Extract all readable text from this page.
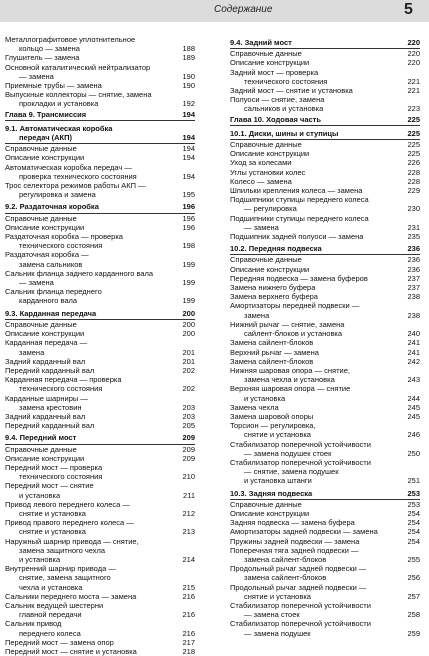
Содержание	5
Металлографитовое уплотнительное
кольцо — замена	188
Глушитель — замена	189
Основной каталитический нейтрализатор
— замена	190
Приемные трубы — замена	190
Выпускные коллекторы — снятие, замена
прокладки и установка	192
Глава 9. Трансмиссия	194
9.1. Автоматическая коробка
передач (АКП)	194
Справочные данные	194
Описание конструкции	194
Автоматическая коробка передач —
проверка технического состояния	194
Трос селектора режимов работы АКП —
регулировка и замена	195
9.2. Раздаточная коробка	196
Справочные данные	196
Описание конструкции	196
Раздаточная коробка — проверка
технического состояния	198
Раздаточная коробка —
замена сальников	199
Сальник фланца заднего карданного вала
— замена	199
Сальник фланца переднего
карданного вала	199
9.3. Карданная передача	200
Справочные данные	200
Описание конструкции	200
Карданная передача —
замена	201
Задний карданный вал	201
Передний карданный вал	202
Карданная передача — проверка
технического состояния	202
Карданные шарниры —
замена крестовин	203
Задний карданный вал	203
Передний карданный вал	205
9.4. Передний мост	209
Справочные данные	209
Описание конструкции	209
Передний мост — проверка
технического состояния	210
Передний мост — снятие
и установка	211
Привод левого переднего колеса —
снятие и установка	212
Привод правого переднего колеса —
снятие и установка	213
Наружный шарнир привода — снятие,
замена защитного чехла
и установка	214
Внутренний шарнир привода —
снятие, замена защитного
чехла и установка	215
Сальники переднего моста — замена	216
Сальник ведущей шестерни
главной передачи	216
Сальник привод
переднего колеса	216
Передний мост — замена опор	217
Передний мост — снятие и установка	218
9.4. Задний мост	220
Справочные данные	220
Описание конструкции	220
Задний мост — проверка
технического состояния	221
Задний мост — снятие и установка	221
Полуоси — снятие, замена
сальников и установка	223
Глава 10. Ходовая часть	225
10.1. Диски, шины и ступицы	225
Справочные данные	225
Описание конструкции	225
Уход за колесами	226
Углы установки колес	228
Колесо — замена	228
Шпильки крепления колеса — замена	229
Подшипники ступицы переднего колеса
— регулировка	230
Подшипники ступицы переднего колеса
— замена	231
Подшипник задней полуоси — замена	235
10.2. Передняя подвеска	236
Справочные данные	236
Описание конструкции	236
Передняя подвеска — замена буферов	237
Замена нижнего буфера	237
Замена верхнего буфера	238
Амортизаторы передней подвески —
замена	238
Нижний рычаг — снятие, замена
сайлент-блоков и установка	240
Замена сайлент-блоков	241
Верхний рычаг — замена	241
Замена сайлент-блоков	242
Нижняя шаровая опора — снятие,
замена чехла и установка	243
Верхняя шаровая опора — снятие
и установка	244
Замена чехла	245
Замена шаровой опоры	245
Торсион — регулировка,
снятие и установка	246
Стабилизатор поперечной устойчивости
— замена подушек стоек	250
Стабилизатор поперечной устойчивости
— снятие, замена подушек
и установка штанги	251
10.3. Задняя подвеска	253
Справочные данные	253
Описание конструкции	254
Задняя подвеска — замена буфера	254
Амортизаторы задней подвески — замена	254
Пружины задней подвески — замена	254
Поперечная тяга задней подвески —
замена сайлент-блоков	255
Продольный рычаг задней подвески —
замена сайлент-блоков	256
Продольный рычаг задней подвески —
снятие и установка	257
Стабилизатор поперечной устойчивости
— замена стоек	258
Стабилизатор поперечной устойчивости
— замена подушек	259
